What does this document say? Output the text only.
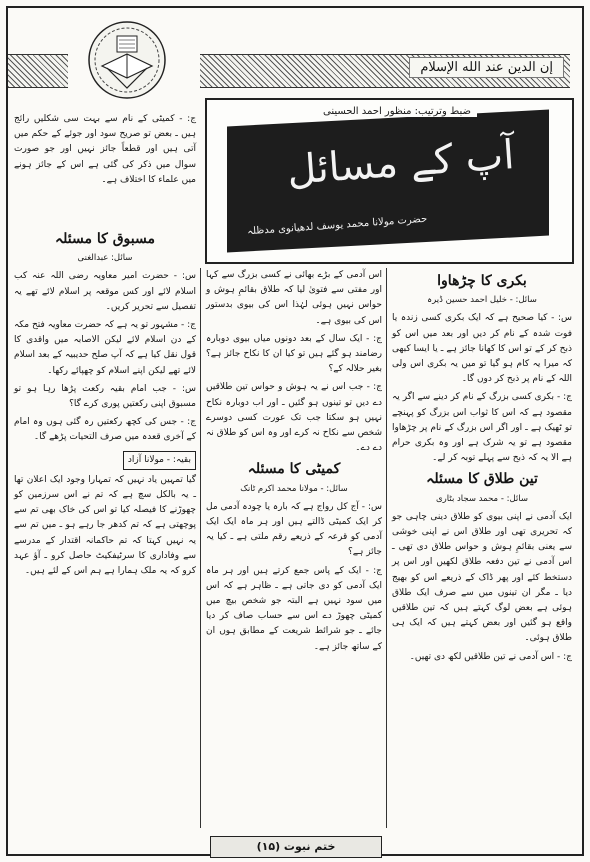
إن الدين عند الله الإسلام
ضبط وترتیب: منظور احمد الحسینی
آپ کے مسائل
حضرت مولانا محمد یوسف لدھیانوی مدظلہ

ج: - کمیٹی کے نام سے بہت سی شکلیں رائج ہیں ـ بعض تو صریح سود اور جوئے کے حکم میں آتی ہیں اور قطعاً جائز نہیں اور جو صورت سوال میں ذکر کی گئی ہے اس کے جائز ہونے میں علماء کا اختلاف ہے۔

مسبوق کا مسئلہ
سائل: عبدالغنی

س: - حضرت امیر معاویہ رضی اللہ عنہ کب اسلام لائے اور کس موقعہ پر اسلام لائے تھے یہ تفصیل سے تحریر کریں۔

ج: - مشہور تو یہ ہے کہ حضرت معاویہ فتح مکہ کے دن اسلام لائے لیکن الاصابہ میں واقدی کا قول نقل کیا ہے کہ آپ صلح حدیبیہ کے بعد اسلام لائے تھے لیکن اپنے اسلام کو چھپائے رکھا۔

س: - جب امام بقیہ رکعت پڑھا رہا ہو تو مسبوق اپنی رکعتیں پوری کرے گا؟

ج: - جس کی کچھ رکعتیں رہ گئی ہوں وہ امام کے آخری قعدہ میں صرف التحیات پڑھے گا۔

بقیہ: - مولانا آزاد

گیا تمہیں یاد نہیں کہ تمہارا وجود ایک اعلان تھا ـ یہ بالکل سچ ہے کہ تم نے اس سرزمین کو چھوڑنے کا فیصلہ کیا تو اس کی خاک بھی تم سے پوچھتی ہے کہ تم کدھر جا رہے ہو ـ میں تم سے یہ نہیں کہتا کہ تم حاکمانہ اقتدار کے مدرسے سے وفاداری کا سرٹیفکیٹ حاصل کرو ـ آؤ عہد کرو کہ یہ ملک ہمارا ہے ہم اس کے لئے ہیں۔

اس آدمی کے بڑے بھائی نے کسی بزرگ سے کہا اور مفتی سے فتویٰ لیا کہ طلاق بقائمِ ہوش و حواس نہیں ہوئی لہٰذا اس کی بیوی بدستور اس کی بیوی ہے۔

ج: - ایک سال کے بعد دونوں میاں بیوی دوبارہ رضامند ہو گئے ہیں تو کیا ان کا نکاح جائز ہے؟ بغیر حلالہ کے؟

ج: - جب اس نے یہ ہوش و حواس تین طلاقیں دے دیں تو تینوں ہو گئیں ـ اور اب دوبارہ نکاح نہیں ہو سکتا جب تک عورت کسی دوسرے شخص سے نکاح نہ کرے اور وہ اس کو طلاق نہ دے دے۔

کمیٹی کا مسئلہ
سائل: - مولانا محمد اکرم ٹانک

س: - آج کل رواج ہے کہ بارہ یا چودہ آدمی مل کر ایک کمیٹی ڈالتے ہیں اور ہر ماہ ایک ایک آدمی کو قرعہ کے ذریعے رقم ملتی ہے ـ کیا یہ جائز ہے؟

ج: - ایک کے پاس جمع کرتے ہیں اور ہر ماہ ایک آدمی کو دی جاتی ہے ـ ظاہر ہے کہ اس میں سود نہیں ہے البتہ جو شخص بیچ میں کمیٹی چھوڑ دے اس سے حساب صاف کر دیا جائے ـ جو شرائط شریعت کے مطابق ہوں ان کے ساتھ جائز ہے۔

بکری کا چڑھاوا
سائل: - خلیل احمد حسین ڈیرہ

س: - کیا صحیح ہے کہ ایک بکری کسی زندہ یا فوت شدہ کے نام کر دیں اور بعد میں اس کو ذبح کر کے تو اس کا کھانا جائز ہے ـ یا ایسا کبھی کہ میرا یہ کام ہو گیا تو میں یہ بکری اس ولی اللہ کے نام پر ذبح کر دوں گا۔

ج: - بکری کسی بزرگ کے نام کر دینے سے اگر یہ مقصود ہے کہ اس کا ثواب اس بزرگ کو پہنچے تو ٹھیک ہے ـ اور اگر اس بزرگ کے نام پر چڑھاوا مقصود ہے تو یہ شرک ہے اور وہ بکری حرام ہے الا یہ کہ ذبح سے پہلے توبہ کر لے۔

تین طلاق کا مسئلہ
سائل: - محمد سجاد بٹاری

ایک آدمی نے اپنی بیوی کو طلاق دینی چاہی جو کہ تحریری تھی اور طلاق اس نے اپنی خوشی سے یعنی بقائمِ ہوش و حواس طلاق دی تھی ـ اس آدمی نے تین دفعہ طلاق لکھیں اور اس پر دستخط کئے اور پھر ڈاک کے ذریعے اس کو بھیج دیا ـ مگر ان تینوں میں سے صرف ایک طلاق ہوئی ہے بعض لوگ کہتے ہیں کہ تین طلاقیں واقع ہو گئیں اور بعض کہتے ہیں کہ ایک ہی طلاق ہوئی۔

ج: - اس آدمی نے تین طلاقیں لکھ دی تھیں۔

ختم نبوت (۱۵)
